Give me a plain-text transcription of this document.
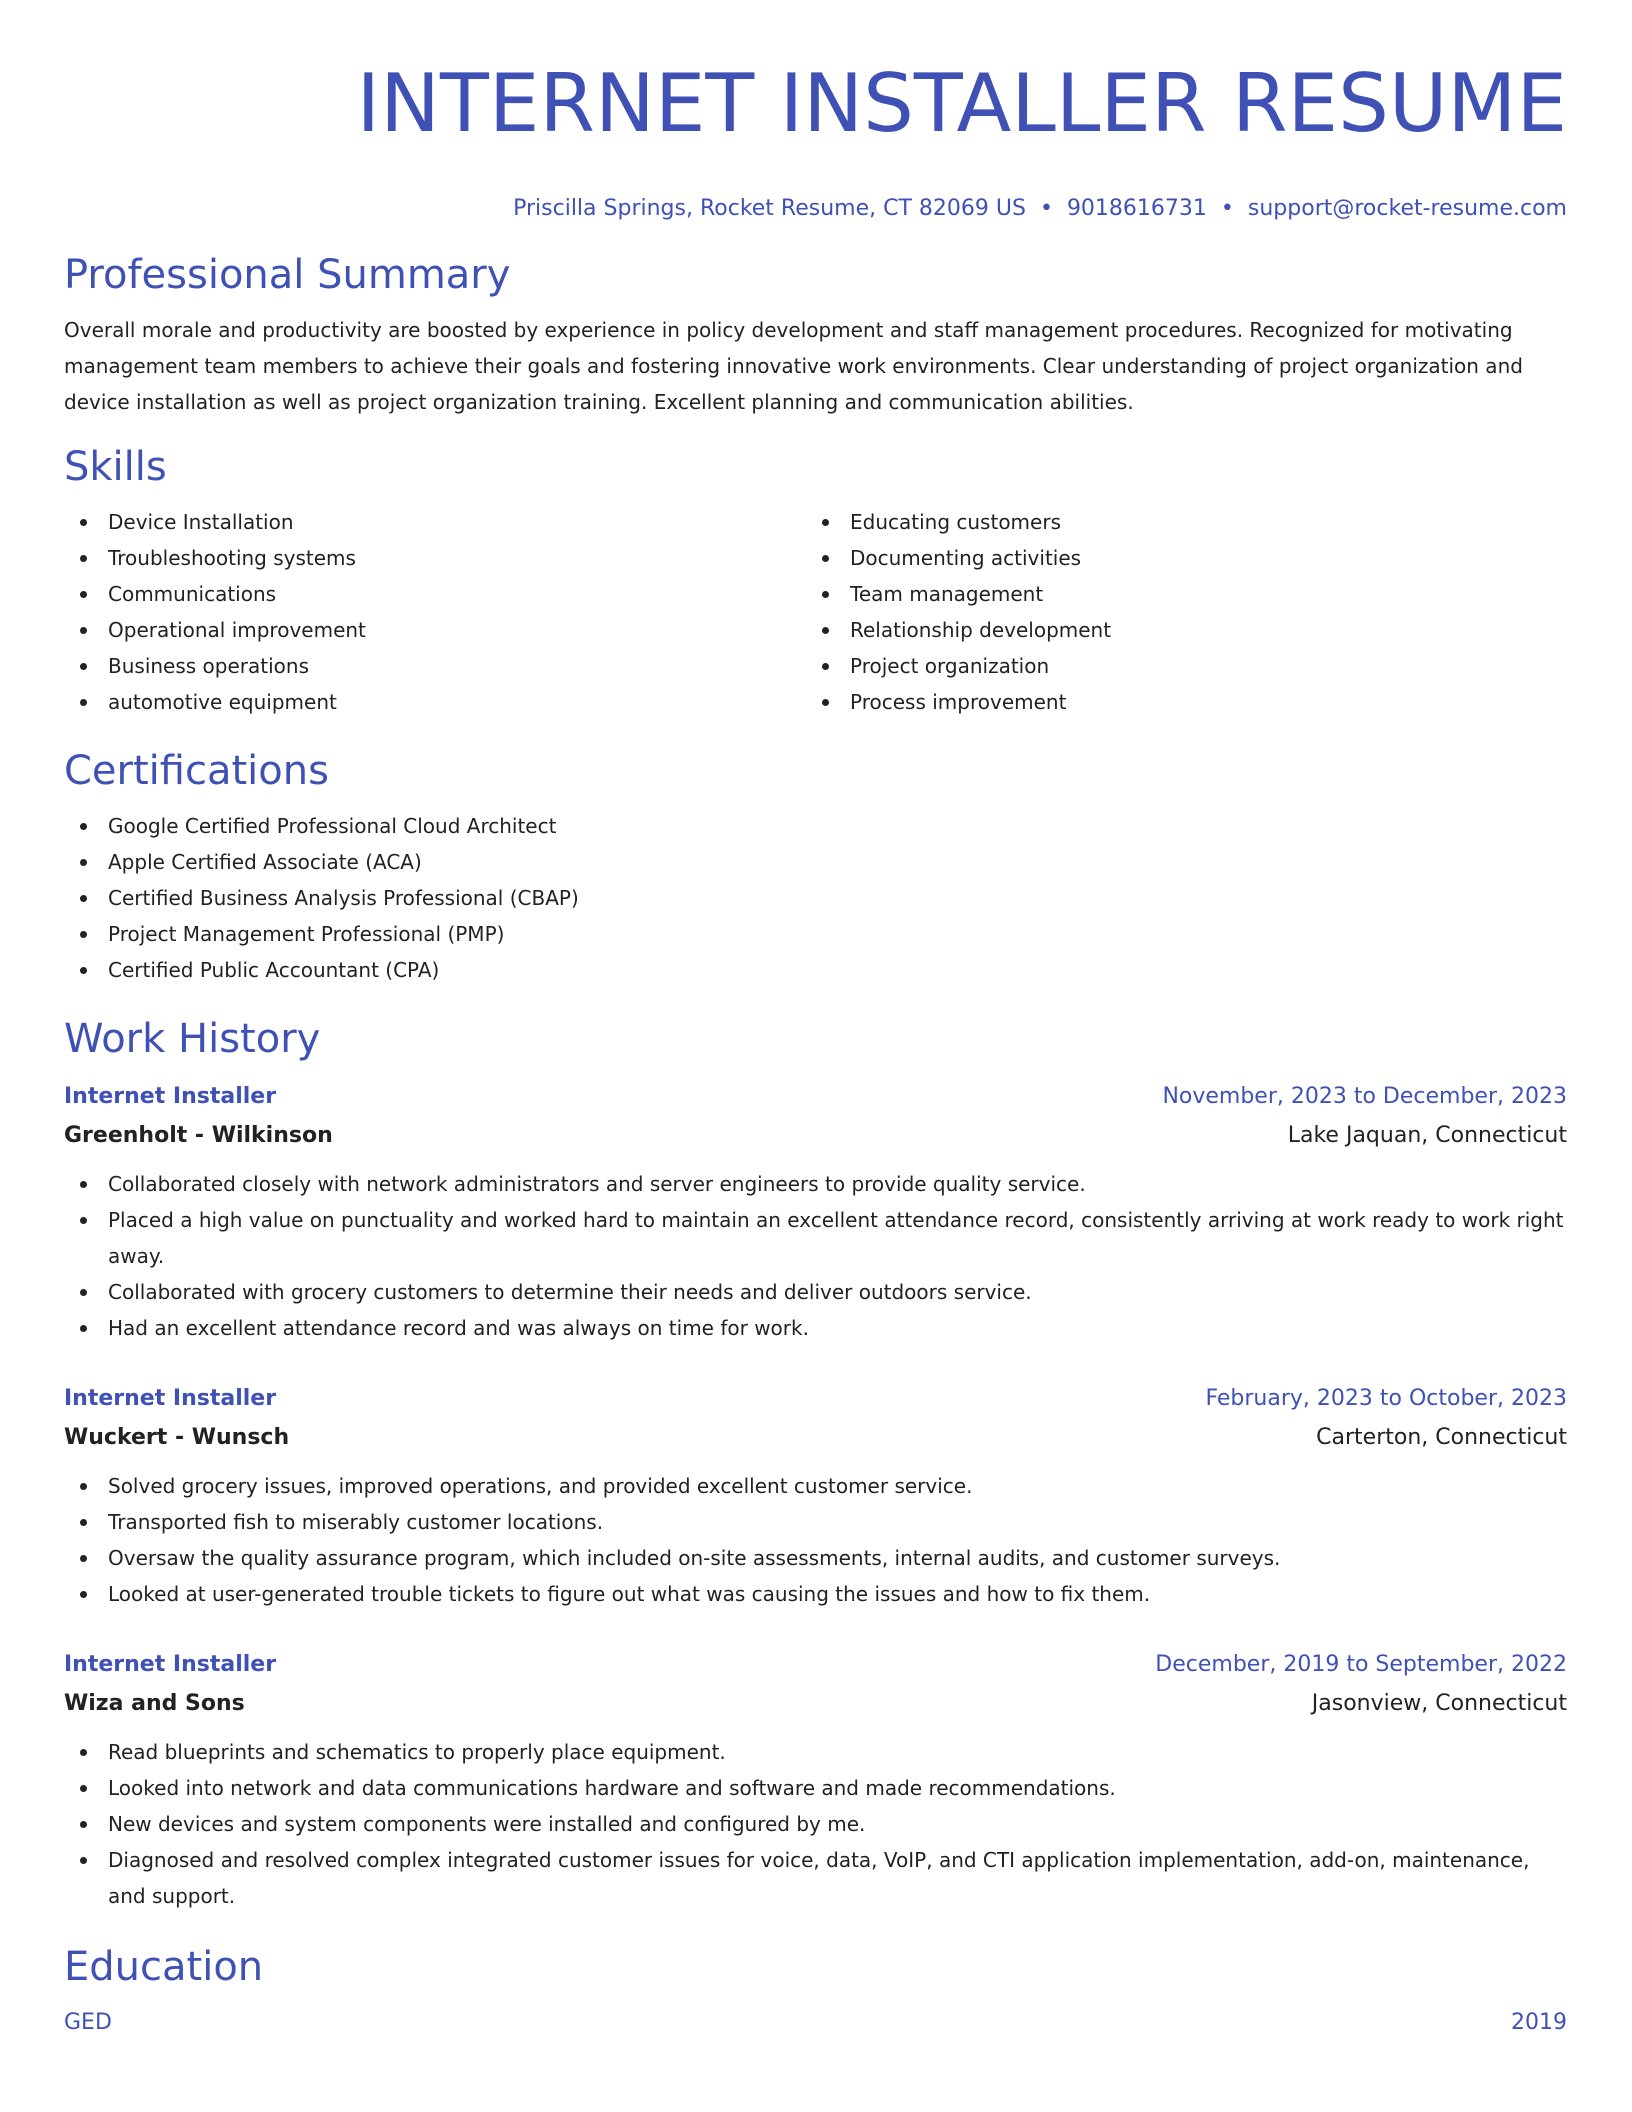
INTERNET INSTALLER RESUME
Priscilla Springs, Rocket Resume, CT 82069 US • 9018616731 • support@rocket-resume.com
Professional Summary
Overall morale and productivity are boosted by experience in policy development and staff management procedures. Recognized for motivating management team members to achieve their goals and fostering innovative work environments. Clear understanding of project organization and device installation as well as project organization training. Excellent planning and communication abilities.
Skills
Device Installation
Troubleshooting systems
Communications
Operational improvement
Business operations
automotive equipment
Educating customers
Documenting activities
Team management
Relationship development
Project organization
Process improvement
Certifications
Google Certified Professional Cloud Architect
Apple Certified Associate (ACA)
Certified Business Analysis Professional (CBAP)
Project Management Professional (PMP)
Certified Public Accountant (CPA)
Work History
Internet Installer	November, 2023 to December, 2023
Greenholt - Wilkinson	Lake Jaquan, Connecticut
Collaborated closely with network administrators and server engineers to provide quality service.
Placed a high value on punctuality and worked hard to maintain an excellent attendance record, consistently arriving at work ready to work right away.
Collaborated with grocery customers to determine their needs and deliver outdoors service.
Had an excellent attendance record and was always on time for work.
Internet Installer	February, 2023 to October, 2023
Wuckert - Wunsch	Carterton, Connecticut
Solved grocery issues, improved operations, and provided excellent customer service.
Transported fish to miserably customer locations.
Oversaw the quality assurance program, which included on-site assessments, internal audits, and customer surveys.
Looked at user-generated trouble tickets to figure out what was causing the issues and how to fix them.
Internet Installer	December, 2019 to September, 2022
Wiza and Sons	Jasonview, Connecticut
Read blueprints and schematics to properly place equipment.
Looked into network and data communications hardware and software and made recommendations.
New devices and system components were installed and configured by me.
Diagnosed and resolved complex integrated customer issues for voice, data, VoIP, and CTI application implementation, add-on, maintenance, and support.
Education
GED	2019
